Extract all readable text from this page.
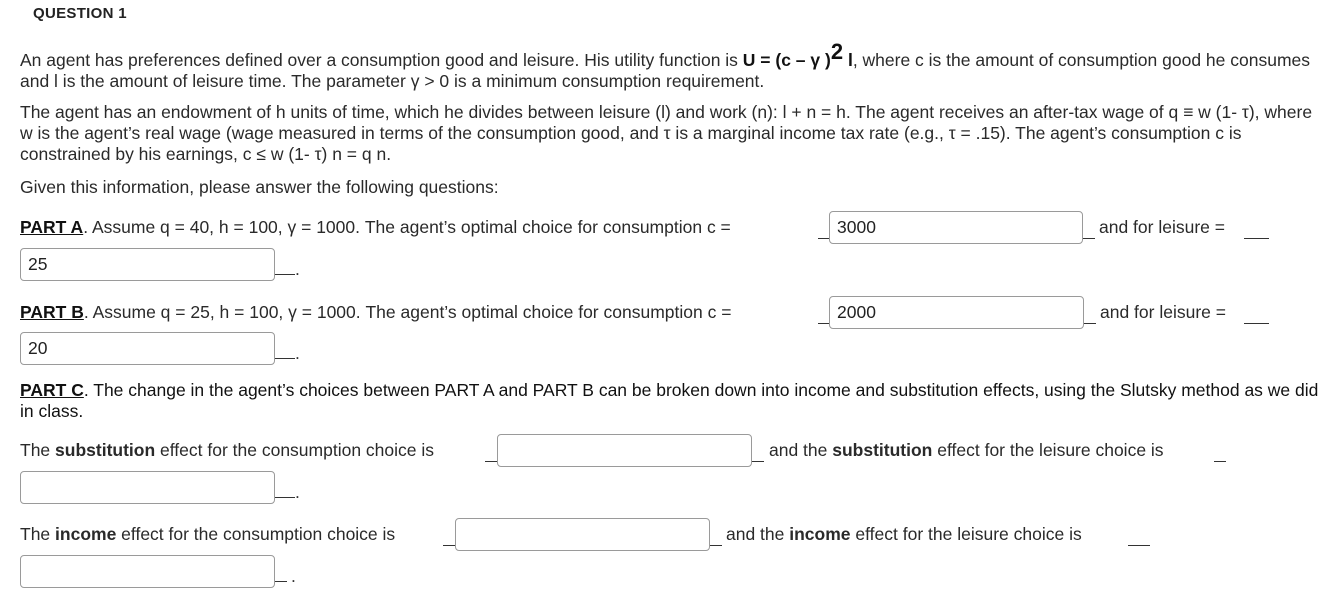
QUESTION 1
An agent has preferences defined over a consumption good and leisure. His utility function is U = (c – γ )$^2$ l, where c is the amount of consumption good he consumes and l is the amount of leisure time. The parameter γ > 0 is a minimum consumption requirement.
The agent has an endowment of h units of time, which he divides between leisure (l) and work (n): l + n = h. The agent receives an after-tax wage of q ≡ w (1- τ), where w is the agent’s real wage (wage measured in terms of the consumption good, and τ is a marginal income tax rate (e.g., τ = .15). The agent’s consumption c is constrained by his earnings, c ≤ w (1- τ) n = q n.
Given this information, please answer the following questions:
PART A. Assume q = 40, h = 100, γ = 1000. The agent’s optimal choice for consumption c =
3000	and for leisure =
25
.
PART B. Assume q = 25, h = 100, γ = 1000. The agent’s optimal choice for consumption c =
2000	and for leisure =
20
.
PART C. The change in the agent’s choices between PART A and PART B can be broken down into income and substitution effects, using the Slutsky method as we did in class.
The substitution effect for the consumption choice is	and the substitution effect for the leisure choice is
.
The income effect for the consumption choice is	and the income effect for the leisure choice is
.
